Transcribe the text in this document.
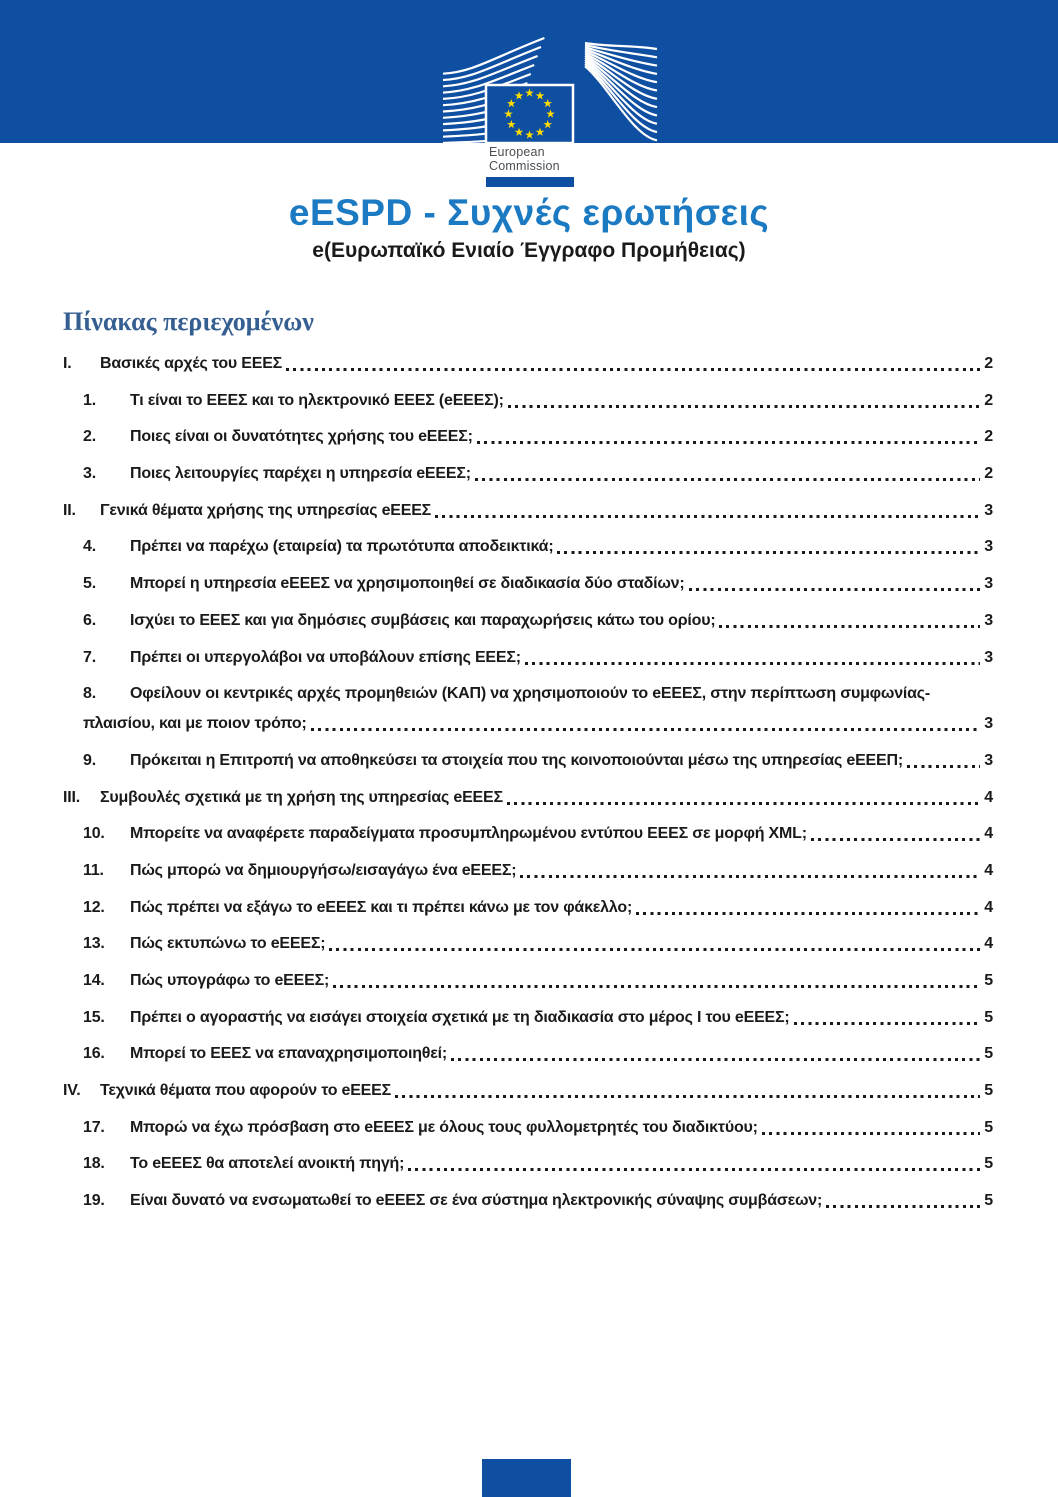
European
Commission
eESPD - Συχνές ερωτήσεις
e(Ευρωπαϊκό Ενιαίο Έγγραφο Προμήθειας)
Πίνακας περιεχομένων
I.	Βασικές αρχές του ΕΕΕΣ	2
1.	Τι είναι το ΕΕΕΣ και το ηλεκτρονικό ΕΕΕΣ (eΕΕΕΣ);	2
2.	Ποιες είναι οι δυνατότητες χρήσης του eΕΕΕΣ;	2
3.	Ποιες λειτουργίες παρέχει η υπηρεσία eΕΕΕΣ;	2
II.	Γενικά θέματα χρήσης της υπηρεσίας eΕΕΕΣ	3
4.	Πρέπει να παρέχω (εταιρεία) τα πρωτότυπα αποδεικτικά;	3
5.	Μπορεί η υπηρεσία eΕΕΕΣ να χρησιμοποιηθεί σε διαδικασία δύο σταδίων;	3
6.	Ισχύει το ΕΕΕΣ και για δημόσιες συμβάσεις και παραχωρήσεις κάτω του ορίου;	3
7.	Πρέπει οι υπεργολάβοι να υποβάλουν επίσης ΕΕΕΣ;	3
8.	Οφείλουν οι κεντρικές αρχές προμηθειών (ΚΑΠ) να χρησιμοποιούν το eΕΕΕΣ, στην περίπτωση συμφωνίας-
πλαισίου, και με ποιον τρόπο;	3
9.	Πρόκειται η Επιτροπή να αποθηκεύσει τα στοιχεία που της κοινοποιούνται μέσω της υπηρεσίας eΕΕΕΠ;	3
III.	Συμβουλές σχετικά με τη χρήση της υπηρεσίας eΕΕΕΣ	4
10.	Μπορείτε να αναφέρετε παραδείγματα προσυμπληρωμένου εντύπου ΕΕΕΣ σε μορφή XML;	4
11.	Πώς μπορώ να δημιουργήσω/εισαγάγω ένα eΕΕΕΣ;	4
12.	Πώς πρέπει να εξάγω το eΕΕΕΣ και τι πρέπει κάνω με τον φάκελλο;	4
13.	Πώς εκτυπώνω το eΕΕΕΣ;	4
14.	Πώς υπογράφω το eΕΕΕΣ;	5
15.	Πρέπει ο αγοραστής να εισάγει στοιχεία σχετικά με τη διαδικασία στο μέρος Ι του eΕΕΕΣ;	5
16.	Μπορεί το ΕΕΕΣ να επαναχρησιμοποιηθεί;	5
IV.	Τεχνικά θέματα που αφορούν το eΕΕΕΣ	5
17.	Μπορώ να έχω πρόσβαση στο eΕΕΕΣ με όλους τους φυλλομετρητές του διαδικτύου;	5
18.	Το eΕΕΕΣ θα αποτελεί ανοικτή πηγή;	5
19.	Είναι δυνατό να ενσωματωθεί το eΕΕΕΣ σε ένα σύστημα ηλεκτρονικής σύναψης συμβάσεων;	5
